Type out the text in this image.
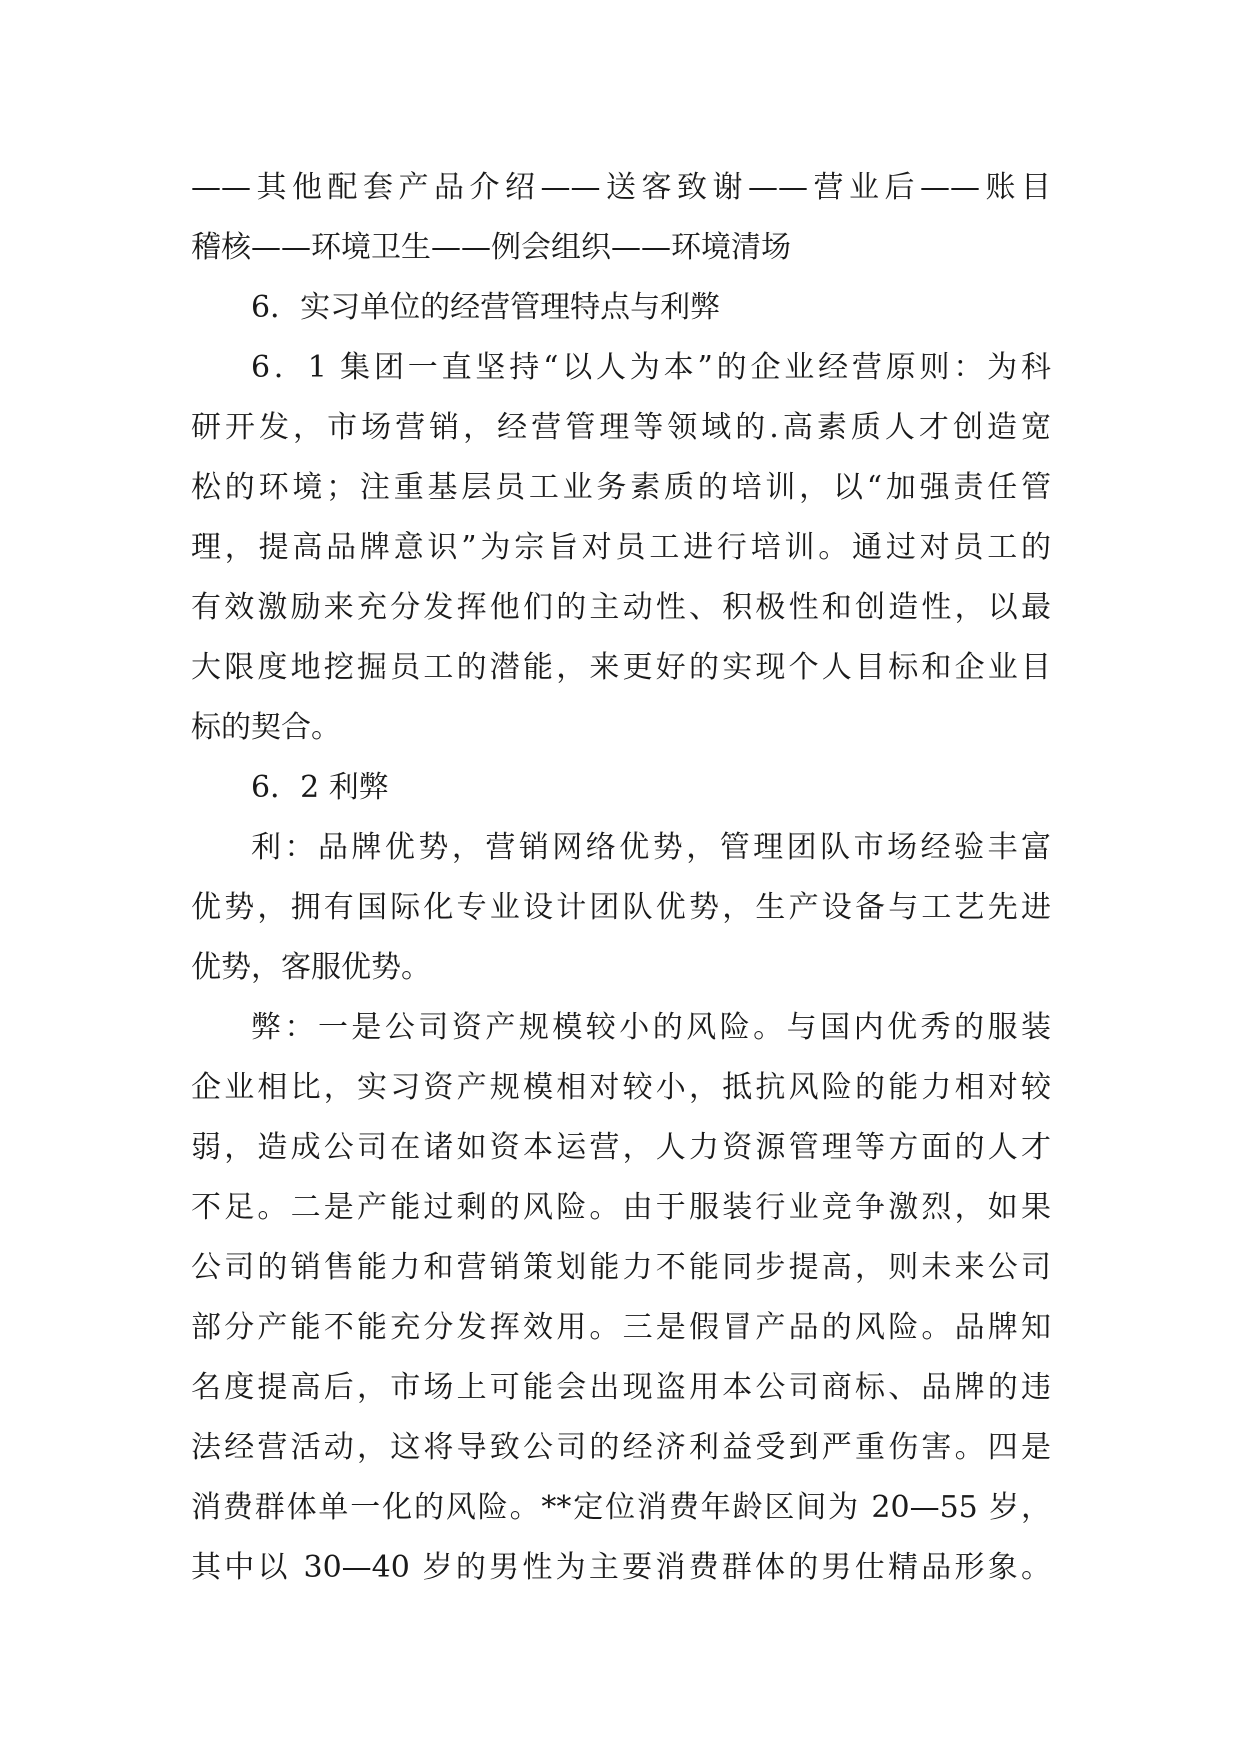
——其他配套产品介绍——送客致谢——营业后——账目
稽核——环境卫生——例会组织——环境清场
6．实习单位的经营管理特点与利弊
6．1 集团一直坚持“以人为本”的企业经营原则：为科
研开发，市场营销，经营管理等领域的.高素质人才创造宽
松的环境；注重基层员工业务素质的培训，以“加强责任管
理，提高品牌意识”为宗旨对员工进行培训。通过对员工的
有效激励来充分发挥他们的主动性、积极性和创造性，以最
大限度地挖掘员工的潜能，来更好的实现个人目标和企业目
标的契合。
6．2 利弊
利：品牌优势，营销网络优势，管理团队市场经验丰富
优势，拥有国际化专业设计团队优势，生产设备与工艺先进
优势，客服优势。
弊：一是公司资产规模较小的风险。与国内优秀的服装
企业相比，实习资产规模相对较小，抵抗风险的能力相对较
弱，造成公司在诸如资本运营，人力资源管理等方面的人才
不足。二是产能过剩的风险。由于服装行业竞争激烈，如果
公司的销售能力和营销策划能力不能同步提高，则未来公司
部分产能不能充分发挥效用。三是假冒产品的风险。品牌知
名度提高后，市场上可能会出现盗用本公司商标、品牌的违
法经营活动，这将导致公司的经济利益受到严重伤害。四是
消费群体单一化的风险。**定位消费年龄区间为 20—55 岁，
其中以 30—40 岁的男性为主要消费群体的男仕精品形象。
